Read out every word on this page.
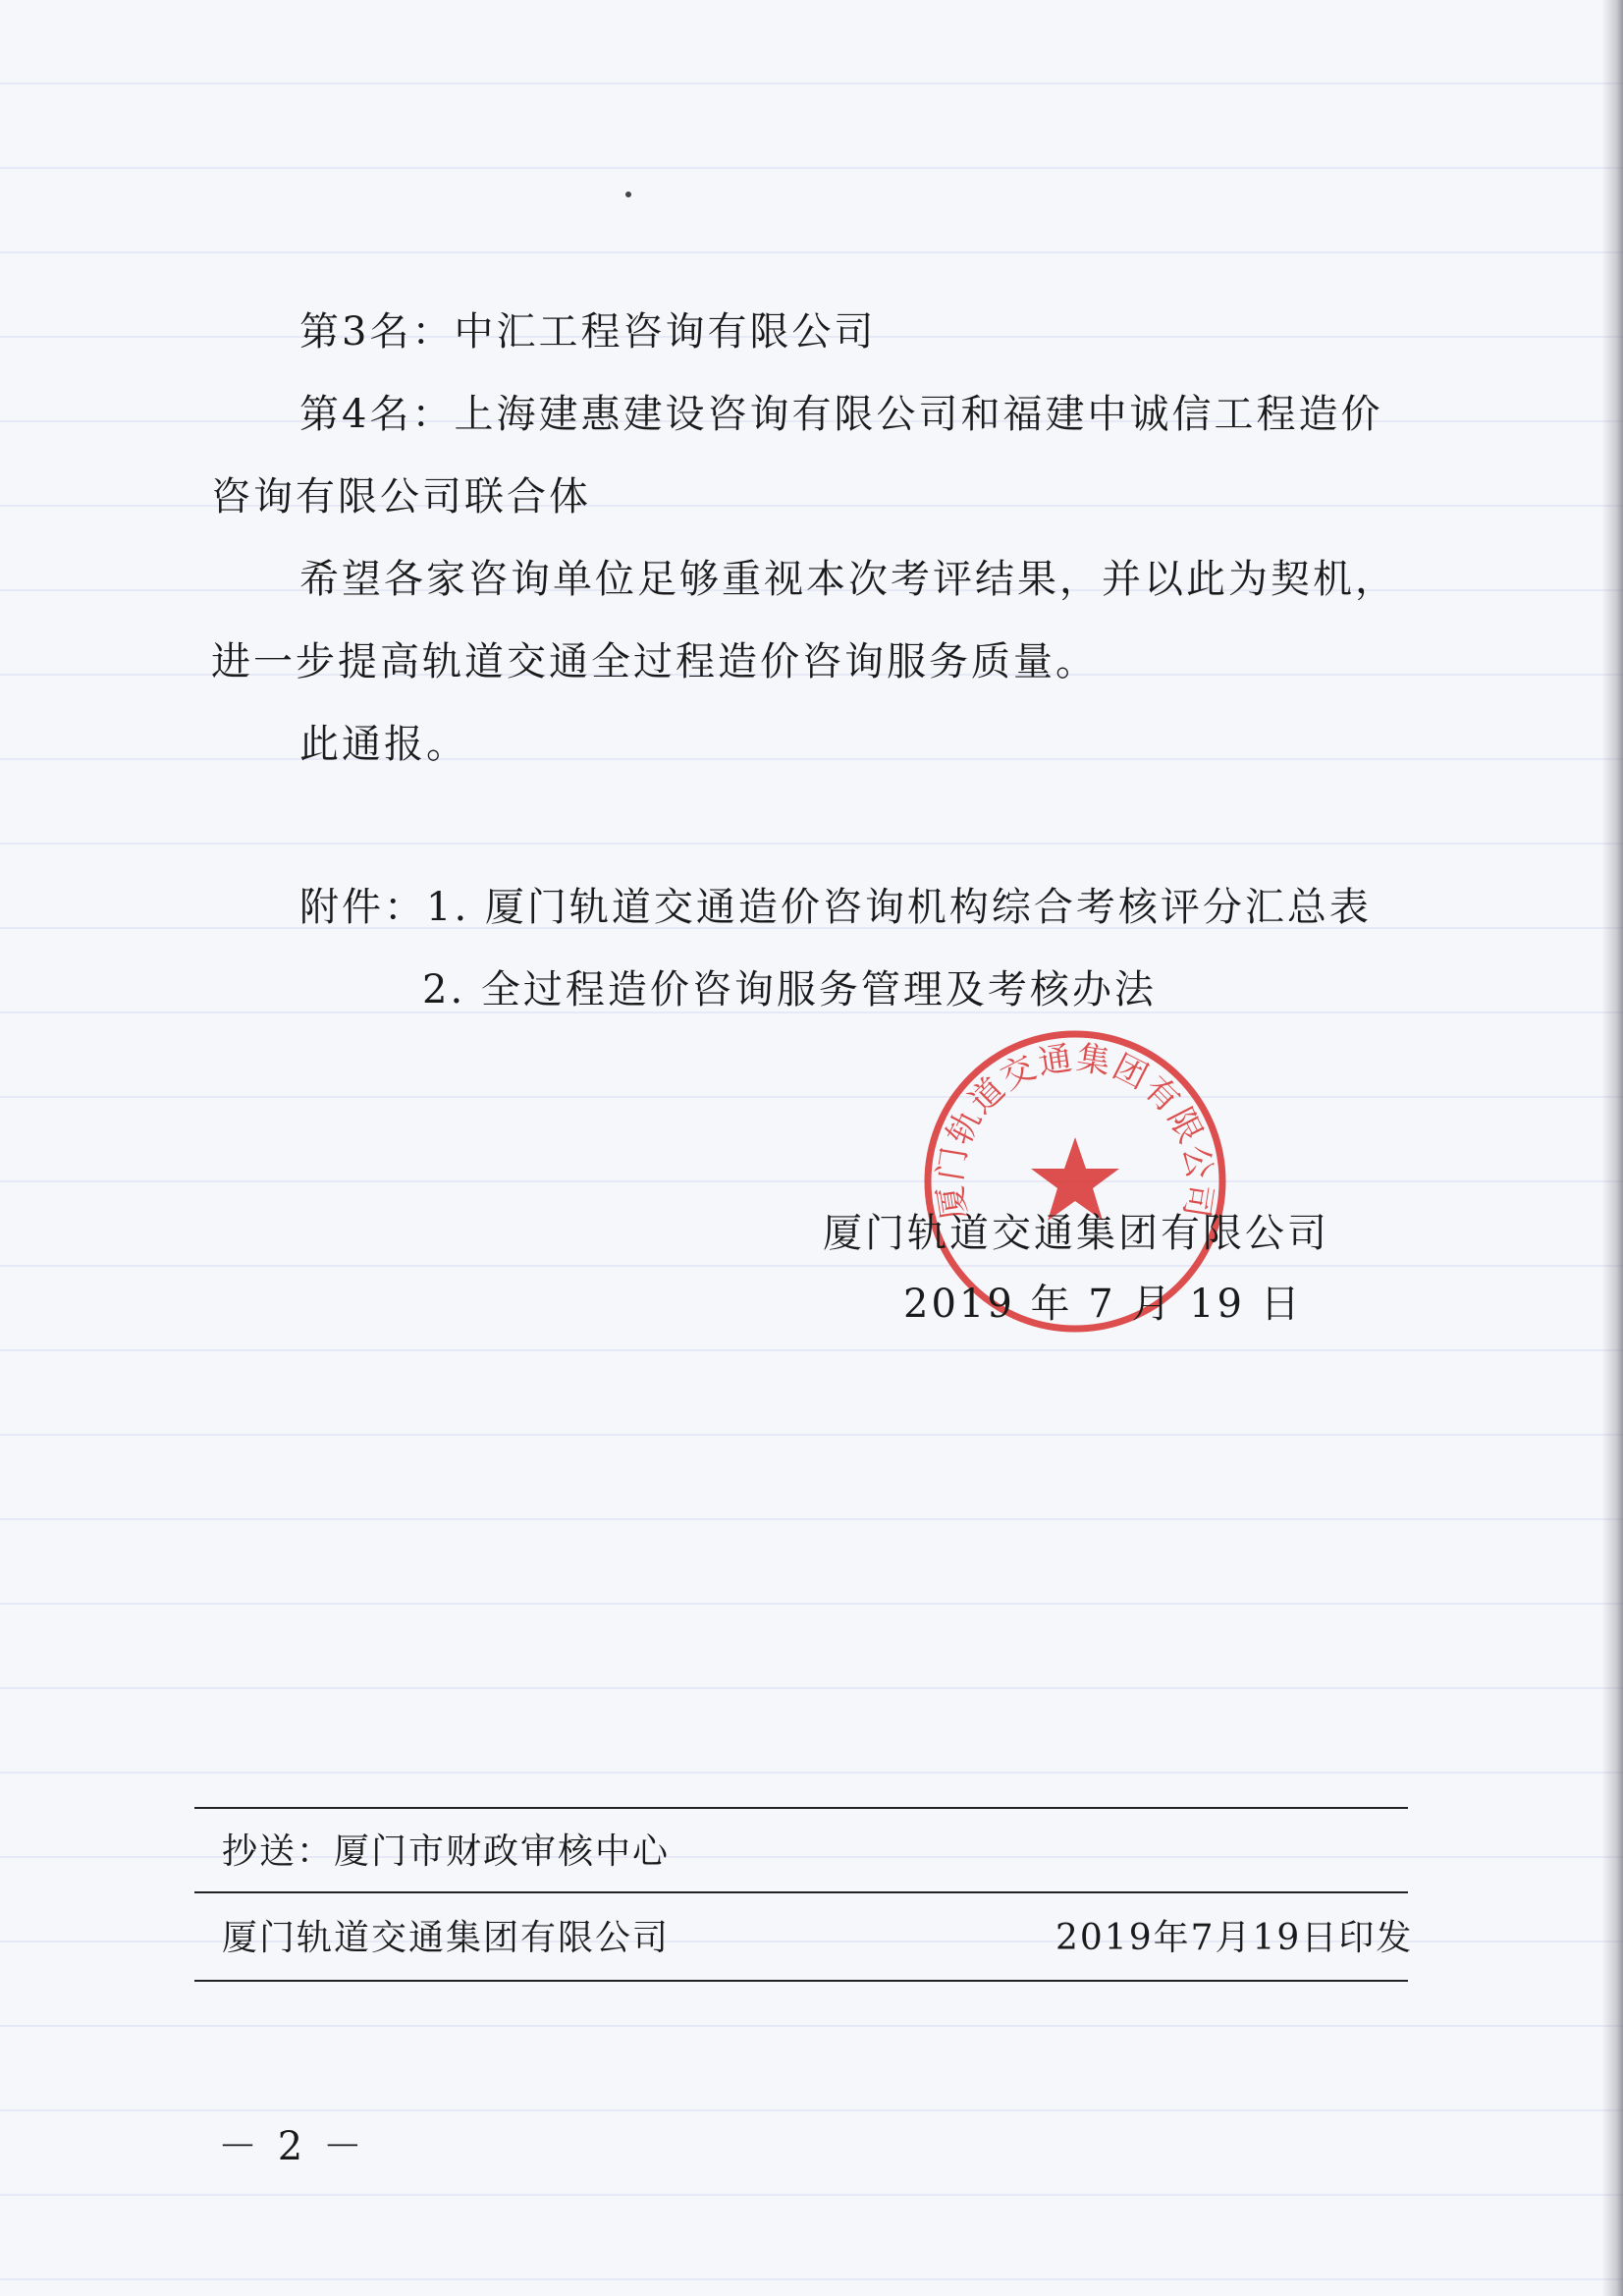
第3名：中汇工程咨询有限公司
第4名：上海建惠建设咨询有限公司和福建中诚信工程造价
咨询有限公司联合体
希望各家咨询单位足够重视本次考评结果，并以此为契机，
进一步提高轨道交通全过程造价咨询服务质量。
此通报。
附件：1. 厦门轨道交通造价咨询机构综合考核评分汇总表
2. 全过程造价咨询服务管理及考核办法
厦门轨道交通集团有限公司
厦门轨道交通集团有限公司
2019 年 7 月 19 日
抄送：厦门市财政审核中心
厦门轨道交通集团有限公司	2019年7月19日印发
－ 2 －
